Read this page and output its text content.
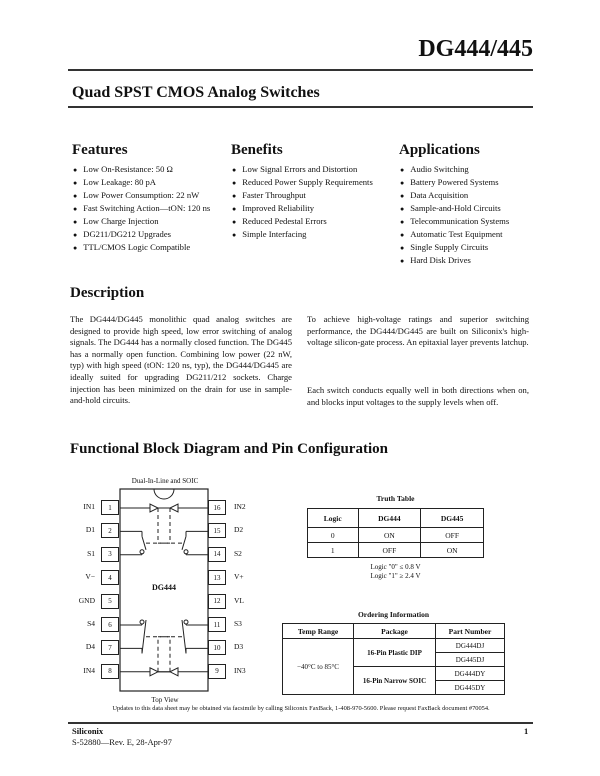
DG444/445
Quad SPST CMOS Analog Switches
Features
● Low On-Resistance: 50 Ω
● Low Leakage: 80 pA
● Low Power Consumption: 22 nW
● Fast Switching Action—tON: 120 ns
● Low Charge Injection
● DG211/DG212 Upgrades
● TTL/CMOS Logic Compatible
Benefits
● Low Signal Errors and Distortion
● Reduced Power Supply Requirements
● Faster Throughput
● Improved Reliability
● Reduced Pedestal Errors
● Simple Interfacing
Applications
● Audio Switching
● Battery Powered Systems
● Data Acquisition
● Sample-and-Hold Circuits
● Telecommunication Systems
● Automatic Test Equipment
● Single Supply Circuits
● Hard Disk Drives
Description

The DG444/DG445 monolithic quad analog switches are designed to provide high speed, low error switching of analog signals. The DG444 has a normally closed function. The DG445 has a normally open function. Combining low power (22 nW, typ) with high speed (tON: 120 ns, typ), the DG444/DG445 are ideally suited for upgrading DG211/212 sockets. Charge injection has been minimized on the drain for use in sample-and-hold circuits.

To achieve high-voltage ratings and superior switching performance, the DG444/DG445 are built on Siliconix's high-voltage silicon-gate process. An epitaxial layer prevents latchup.

Each switch conducts equally well in both directions when on, and blocks input voltages to the supply levels when off.

Functional Block Diagram and Pin Configuration
Dual-In-Line and SOIC
DG444
Top View
1
IN1
2
D1
3
S1
4
V−
5
GND
6
S4
7
D4
8
IN4
16	IN2
15	D2
14	S2
13	V+
12	VL
11	S3
10	D3
9	IN3
Truth Table
Logic	DG444	DG445
0	ON	OFF
1	OFF	ON
Logic "0" ≤ 0.8 V
Logic "1" ≥ 2.4 V
Ordering Information
Temp Range	Package	Part Number
−40°C to 85°C	16-Pin Plastic DIP	DG444DJ
		DG445DJ
	16-Pin Narrow SOIC	DG444DY
		DG445DY
Updates to this data sheet may be obtained via facsimile by calling Siliconix FaxBack, 1-408-970-5600. Please request FaxBack document #70054.
Siliconix
S-52880—Rev. E, 28-Apr-97
1
